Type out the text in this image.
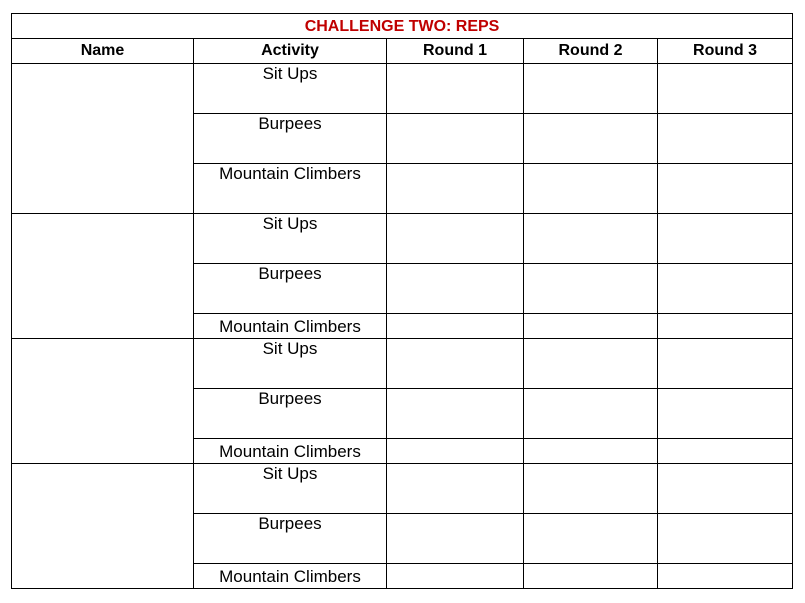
CHALLENGE TWO: REPS				
Name	Activity	Round 1	Round 2	Round 3
	Sit Ups			
	Burpees			
	Mountain Climbers			
	Sit Ups			
	Burpees			
	Mountain Climbers			
	Sit Ups			
	Burpees			
	Mountain Climbers			
	Sit Ups			
	Burpees			
	Mountain Climbers			
